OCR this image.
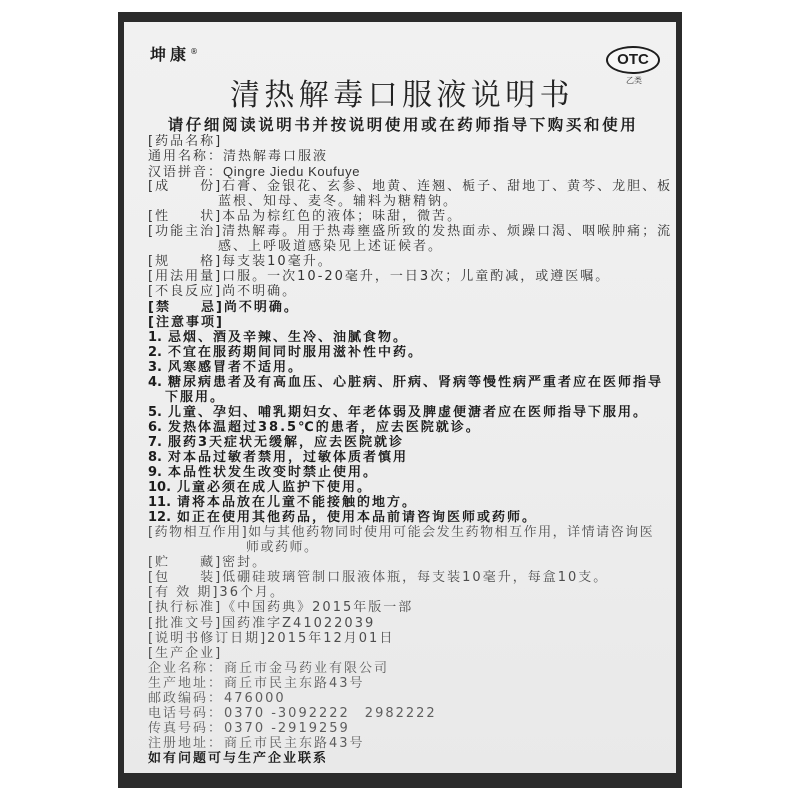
坤康®	OTC
乙类
清热解毒口服液说明书
请仔细阅读说明书并按说明使用或在药师指导下购买和使用
[药品名称]
通用名称：清热解毒口服液
汉语拼音：Qingre Jiedu Koufuye
[成　　份]石膏、金银花、玄参、地黄、连翘、栀子、甜地丁、黄芩、龙胆、板
蓝根、知母、麦冬。辅料为糖精钠。
[性　　状]本品为棕红色的液体；味甜，微苦。
[功能主治]清热解毒。用于热毒壅盛所致的发热面赤、烦躁口渴、咽喉肿痛；流
感、上呼吸道感染见上述证候者。
[规　　格]每支装10毫升。
[用法用量]口服。一次10-20毫升，一日3次；儿童酌减，或遵医嘱。
[不良反应]尚不明确。
[禁　　忌]尚不明确。
[注意事项]
1. 忌烟、酒及辛辣、生冷、油腻食物。
2. 不宜在服药期间同时服用滋补性中药。
3. 风寒感冒者不适用。
4. 糖尿病患者及有高血压、心脏病、肝病、肾病等慢性病严重者应在医师指导
下服用。
5. 儿童、孕妇、哺乳期妇女、年老体弱及脾虚便溏者应在医师指导下服用。
6. 发热体温超过38.5℃的患者，应去医院就诊。
7. 服药3天症状无缓解，应去医院就诊
8. 对本品过敏者禁用，过敏体质者慎用
9. 本品性状发生改变时禁止使用。
10. 儿童必须在成人监护下使用。
11. 请将本品放在儿童不能接触的地方。
12. 如正在使用其他药品，使用本品前请咨询医师或药师。
[药物相互作用]如与其他药物同时使用可能会发生药物相互作用，详情请咨询医
师或药师。
[贮　　藏]密封。
[包　　装]低硼硅玻璃管制口服液体瓶，每支装10毫升，每盒10支。
[有 效 期]36个月。
[执行标准]《中国药典》2015年版一部
[批准文号]国药准字Z41022039
[说明书修订日期]2015年12月01日
[生产企业]
企业名称：商丘市金马药业有限公司
生产地址：商丘市民主东路43号
邮政编码：476000
电话号码：0370 -3092222　2982222
传真号码：0370 -2919259
注册地址：商丘市民主东路43号
如有问题可与生产企业联系
